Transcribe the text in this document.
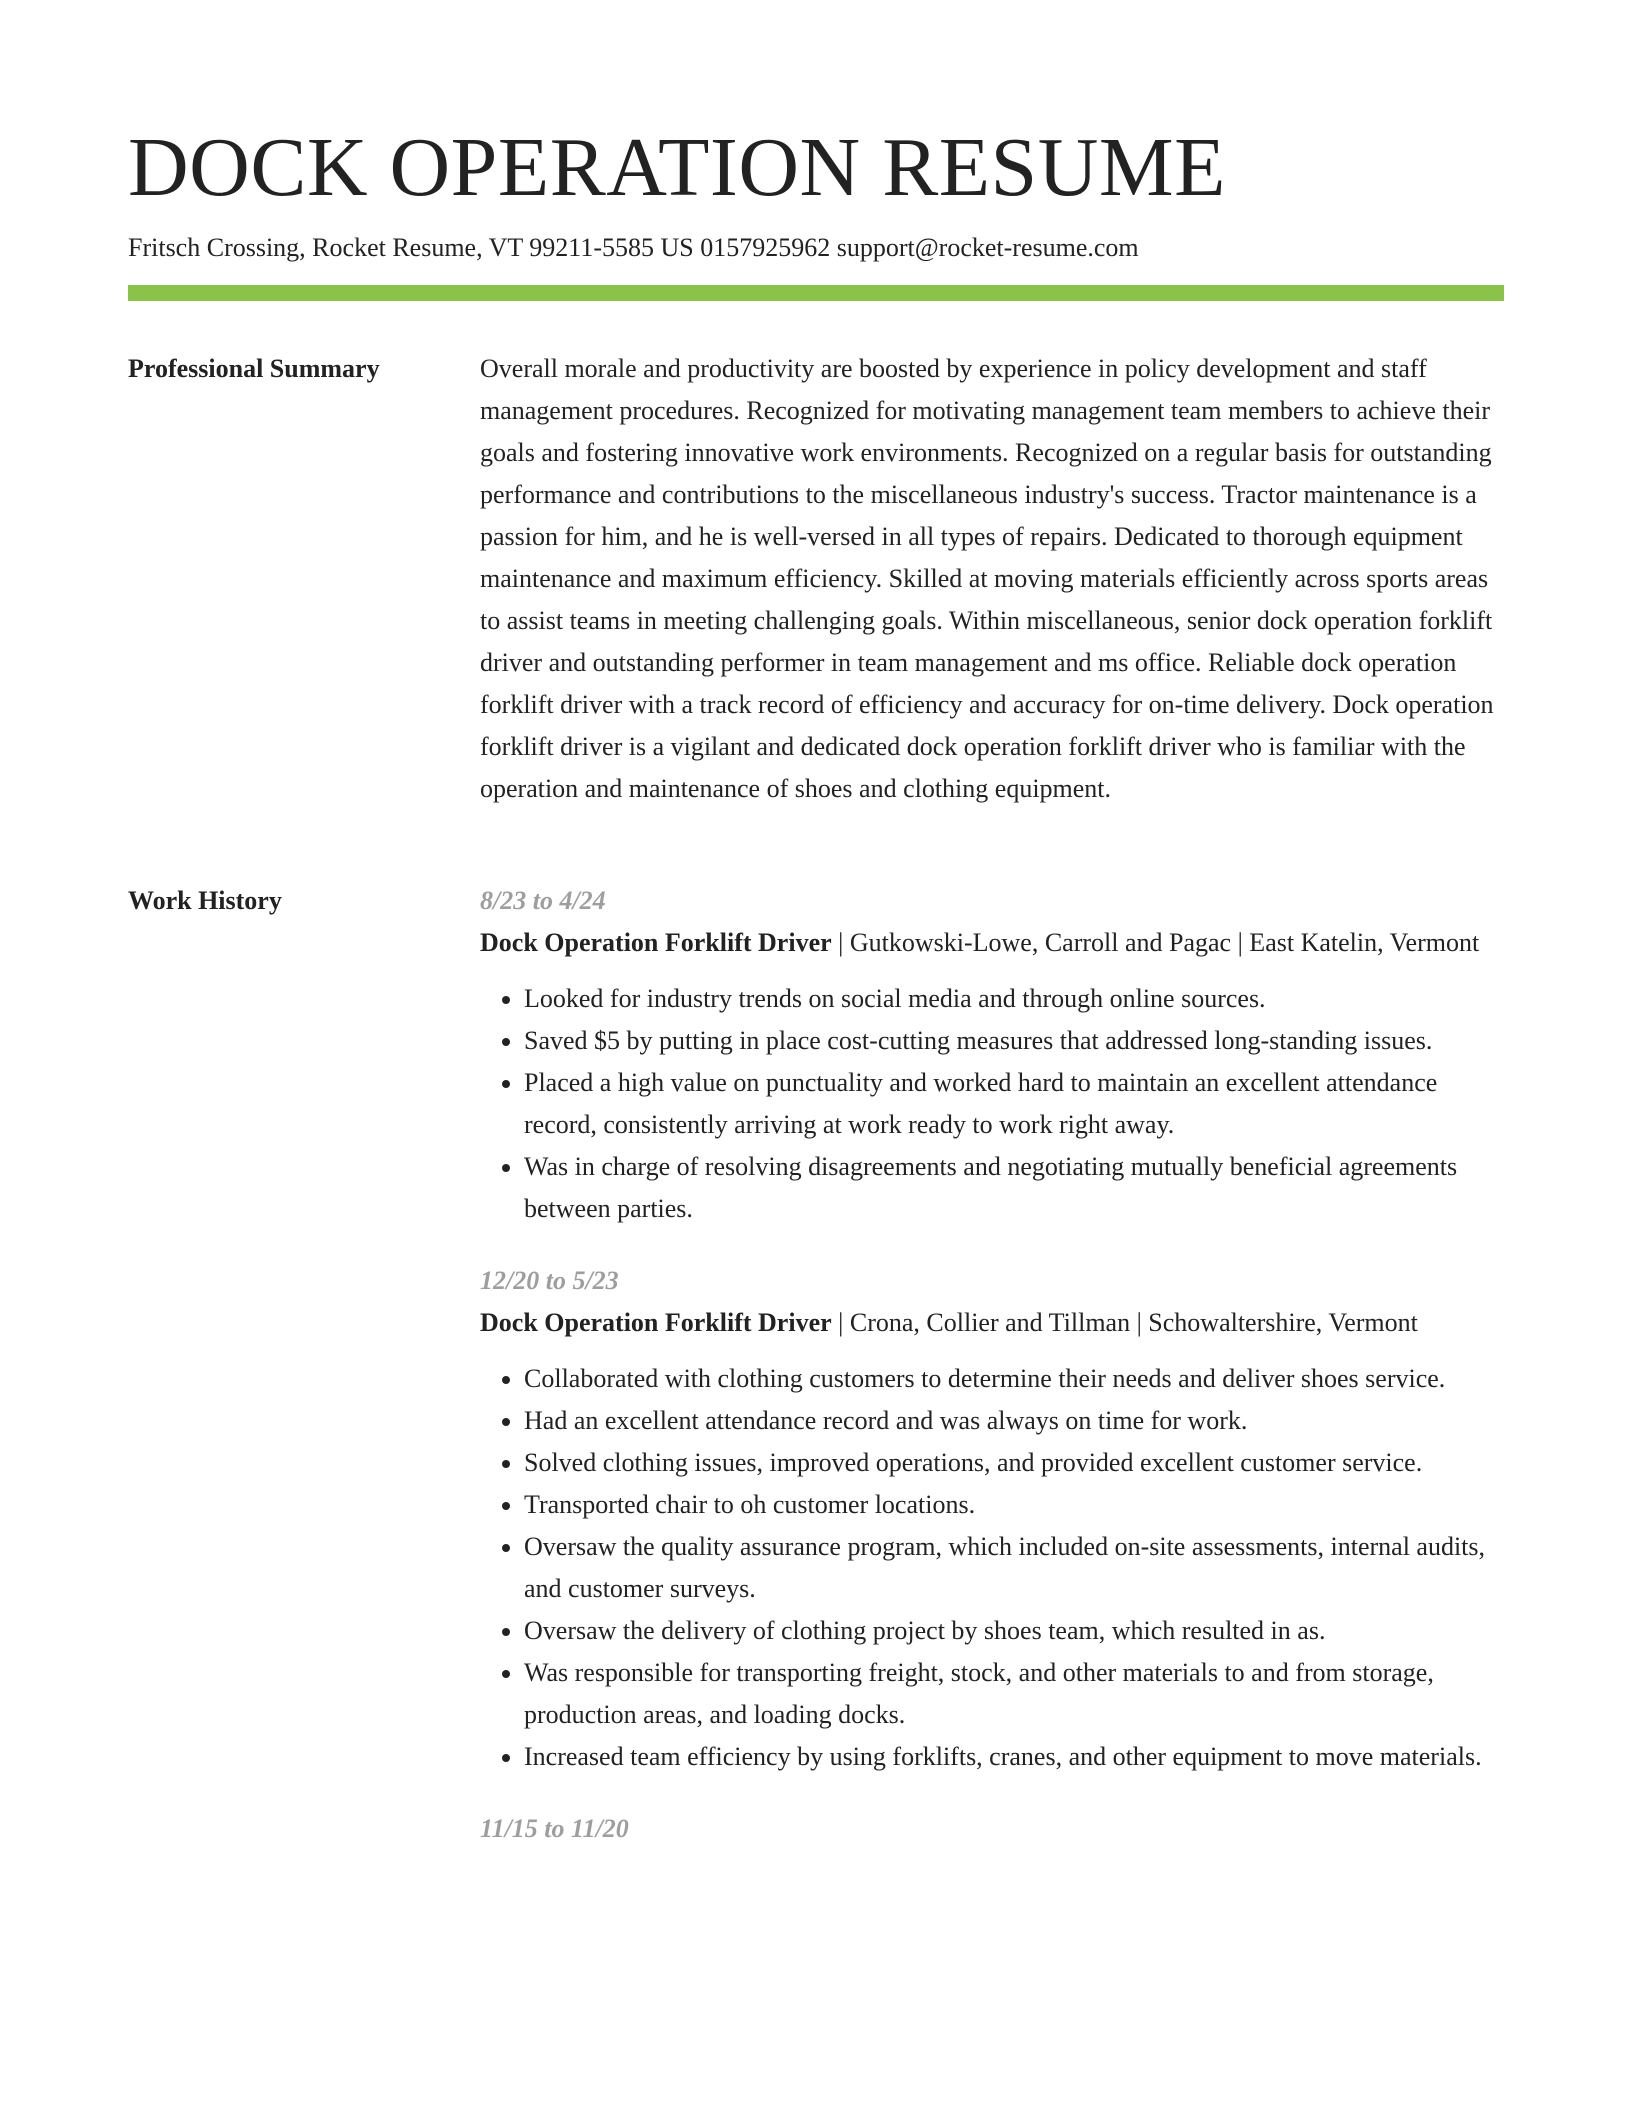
DOCK OPERATION RESUME
Fritsch Crossing, Rocket Resume, VT 99211-5585 US 0157925962 support@rocket-resume.com
Professional Summary	Overall morale and productivity are boosted by experience in policy development and staff management procedures. Recognized for motivating management team members to achieve their goals and fostering innovative work environments. Recognized on a regular basis for outstanding performance and contributions to the miscellaneous industry's success. Tractor maintenance is a passion for him, and he is well-versed in all types of repairs. Dedicated to thorough equipment maintenance and maximum efficiency. Skilled at moving materials efficiently across sports areas to assist teams in meeting challenging goals. Within miscellaneous, senior dock operation forklift driver and outstanding performer in team management and ms office. Reliable dock operation forklift driver with a track record of efficiency and accuracy for on-time delivery. Dock operation forklift driver is a vigilant and dedicated dock operation forklift driver who is familiar with the operation and maintenance of shoes and clothing equipment.

Work History	8/23 to 4/24
Dock Operation Forklift Driver | Gutkowski-Lowe, Carroll and Pagac | East Katelin, Vermont
• Looked for industry trends on social media and through online sources.
• Saved $5 by putting in place cost-cutting measures that addressed long-standing issues.
• Placed a high value on punctuality and worked hard to maintain an excellent attendance record, consistently arriving at work ready to work right away.
• Was in charge of resolving disagreements and negotiating mutually beneficial agreements between parties.
12/20 to 5/23
Dock Operation Forklift Driver | Crona, Collier and Tillman | Schowaltershire, Vermont
• Collaborated with clothing customers to determine their needs and deliver shoes service.
• Had an excellent attendance record and was always on time for work.
• Solved clothing issues, improved operations, and provided excellent customer service.
• Transported chair to oh customer locations.
• Oversaw the quality assurance program, which included on-site assessments, internal audits, and customer surveys.
• Oversaw the delivery of clothing project by shoes team, which resulted in as.
• Was responsible for transporting freight, stock, and other materials to and from storage, production areas, and loading docks.
• Increased team efficiency by using forklifts, cranes, and other equipment to move materials.
11/15 to 11/20
